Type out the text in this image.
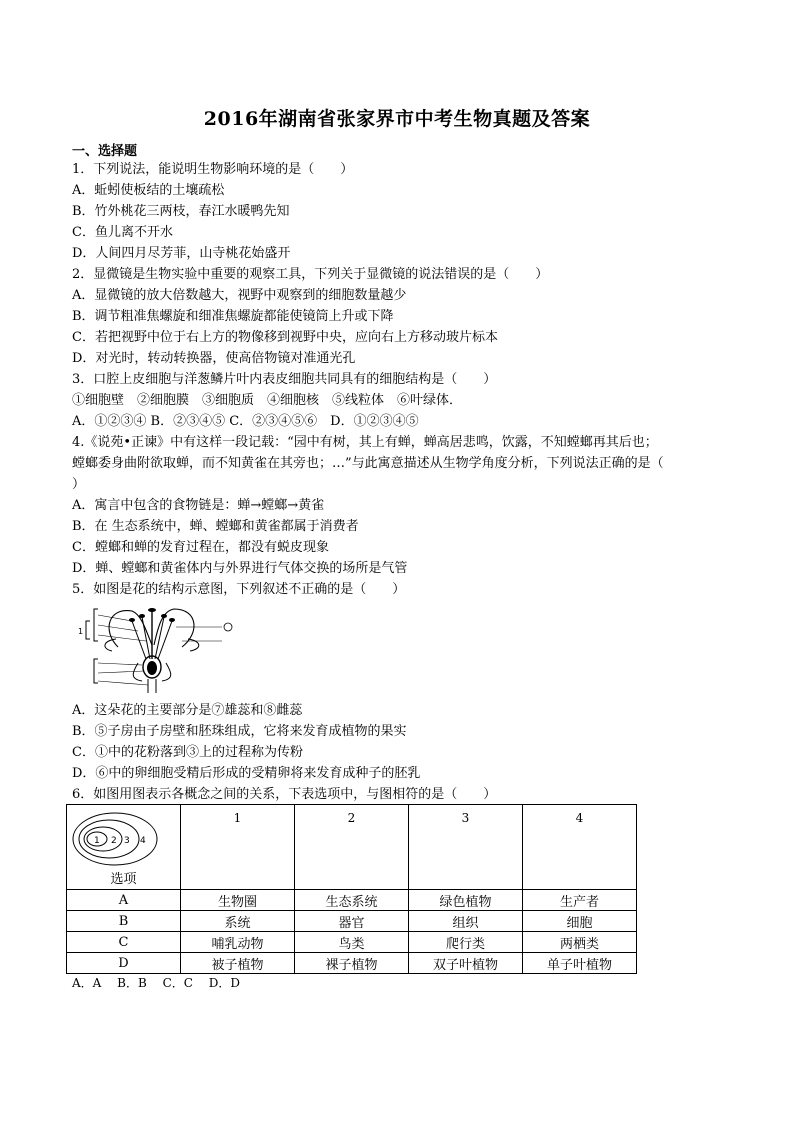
2016年湖南省张家界市中考生物真题及答案
一、选择题
1．下列说法，能说明生物影响环境的是（　　）
A．蚯蚓使板结的土壤疏松
B．竹外桃花三两枝，春江水暖鸭先知
C．鱼儿离不开水
D．人间四月尽芳菲，山寺桃花始盛开
2．显微镜是生物实验中重要的观察工具，下列关于显微镜的说法错误的是（　　）
A．显微镜的放大倍数越大，视野中观察到的细胞数量越少
B．调节粗准焦螺旋和细准焦螺旋都能使镜筒上升或下降
C．若把视野中位于右上方的物像移到视野中央，应向右上方移动玻片标本
D．对光时，转动转换器，使高倍物镜对准通光孔
3．口腔上皮细胞与洋葱鳞片叶内表皮细胞共同具有的细胞结构是（　　）
①细胞壁　②细胞膜　③细胞质　④细胞核　⑤线粒体　⑥叶绿体．
A．①②③④ B．②③④⑤ C．②③④⑤⑥　D．①②③④⑤
4.《说苑•正谏》中有这样一段记载：“园中有树，其上有蝉，蝉高居悲鸣，饮露，不知螳螂再其后也；
螳螂委身曲附欲取蝉，而不知黄雀在其旁也；…”与此寓意描述从生物学角度分析，下列说法正确的是（
）
A．寓言中包含的食物链是：蝉→螳螂→黄雀
B．在 生态系统中，蝉、螳螂和黄雀都属于消费者
C．螳螂和蝉的发育过程在，都没有蜕皮现象
D．蝉、螳螂和黄雀体内与外界进行气体交换的场所是气管
5．如图是花的结构示意图，下列叙述不正确的是（　　）
1
A．这朵花的主要部分是⑦雄蕊和⑧雌蕊
B．⑤子房由子房壁和胚珠组成，它将来发育成植物的果实
C．①中的花粉落到③上的过程称为传粉
D．⑥中的卵细胞受精后形成的受精卵将来发育成种子的胚乳
6．如图用图表示各概念之间的关系，下表选项中，与图相符的是（　　）
1 2 3 4
选项	1	2	3	4

A	生物圈	生态系统	绿色植物	生产者
B	系统	器官	组织	细胞
C	哺乳动物	鸟类	爬行类	两栖类
D	被子植物	裸子植物	双子叶植物	单子叶植物
A．A　 B．B　 C．C　 D．D
